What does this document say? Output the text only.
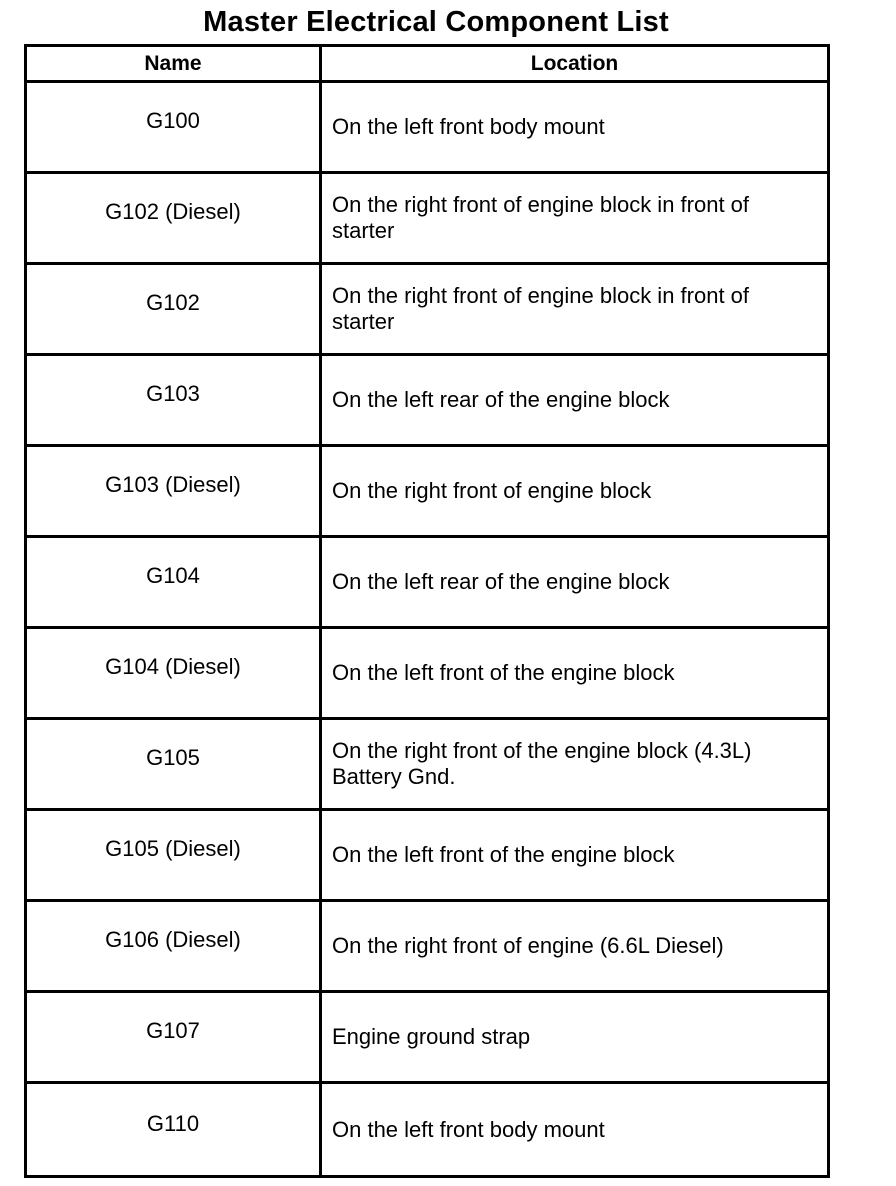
Master Electrical Component List
Name	Location
G100	On the left front body mount
G102 (Diesel)	On the right front of engine block in front of starter
G102	On the right front of engine block in front of starter
G103	On the left rear of the engine block
G103 (Diesel)	On the right front of engine block
G104	On the left rear of the engine block
G104 (Diesel)	On the left front of the engine block
G105	On the right front of the engine block (4.3L) Battery Gnd.
G105 (Diesel)	On the left front of the engine block
G106 (Diesel)	On the right front of engine (6.6L Diesel)
G107	Engine ground strap
G110	On the left front body mount
